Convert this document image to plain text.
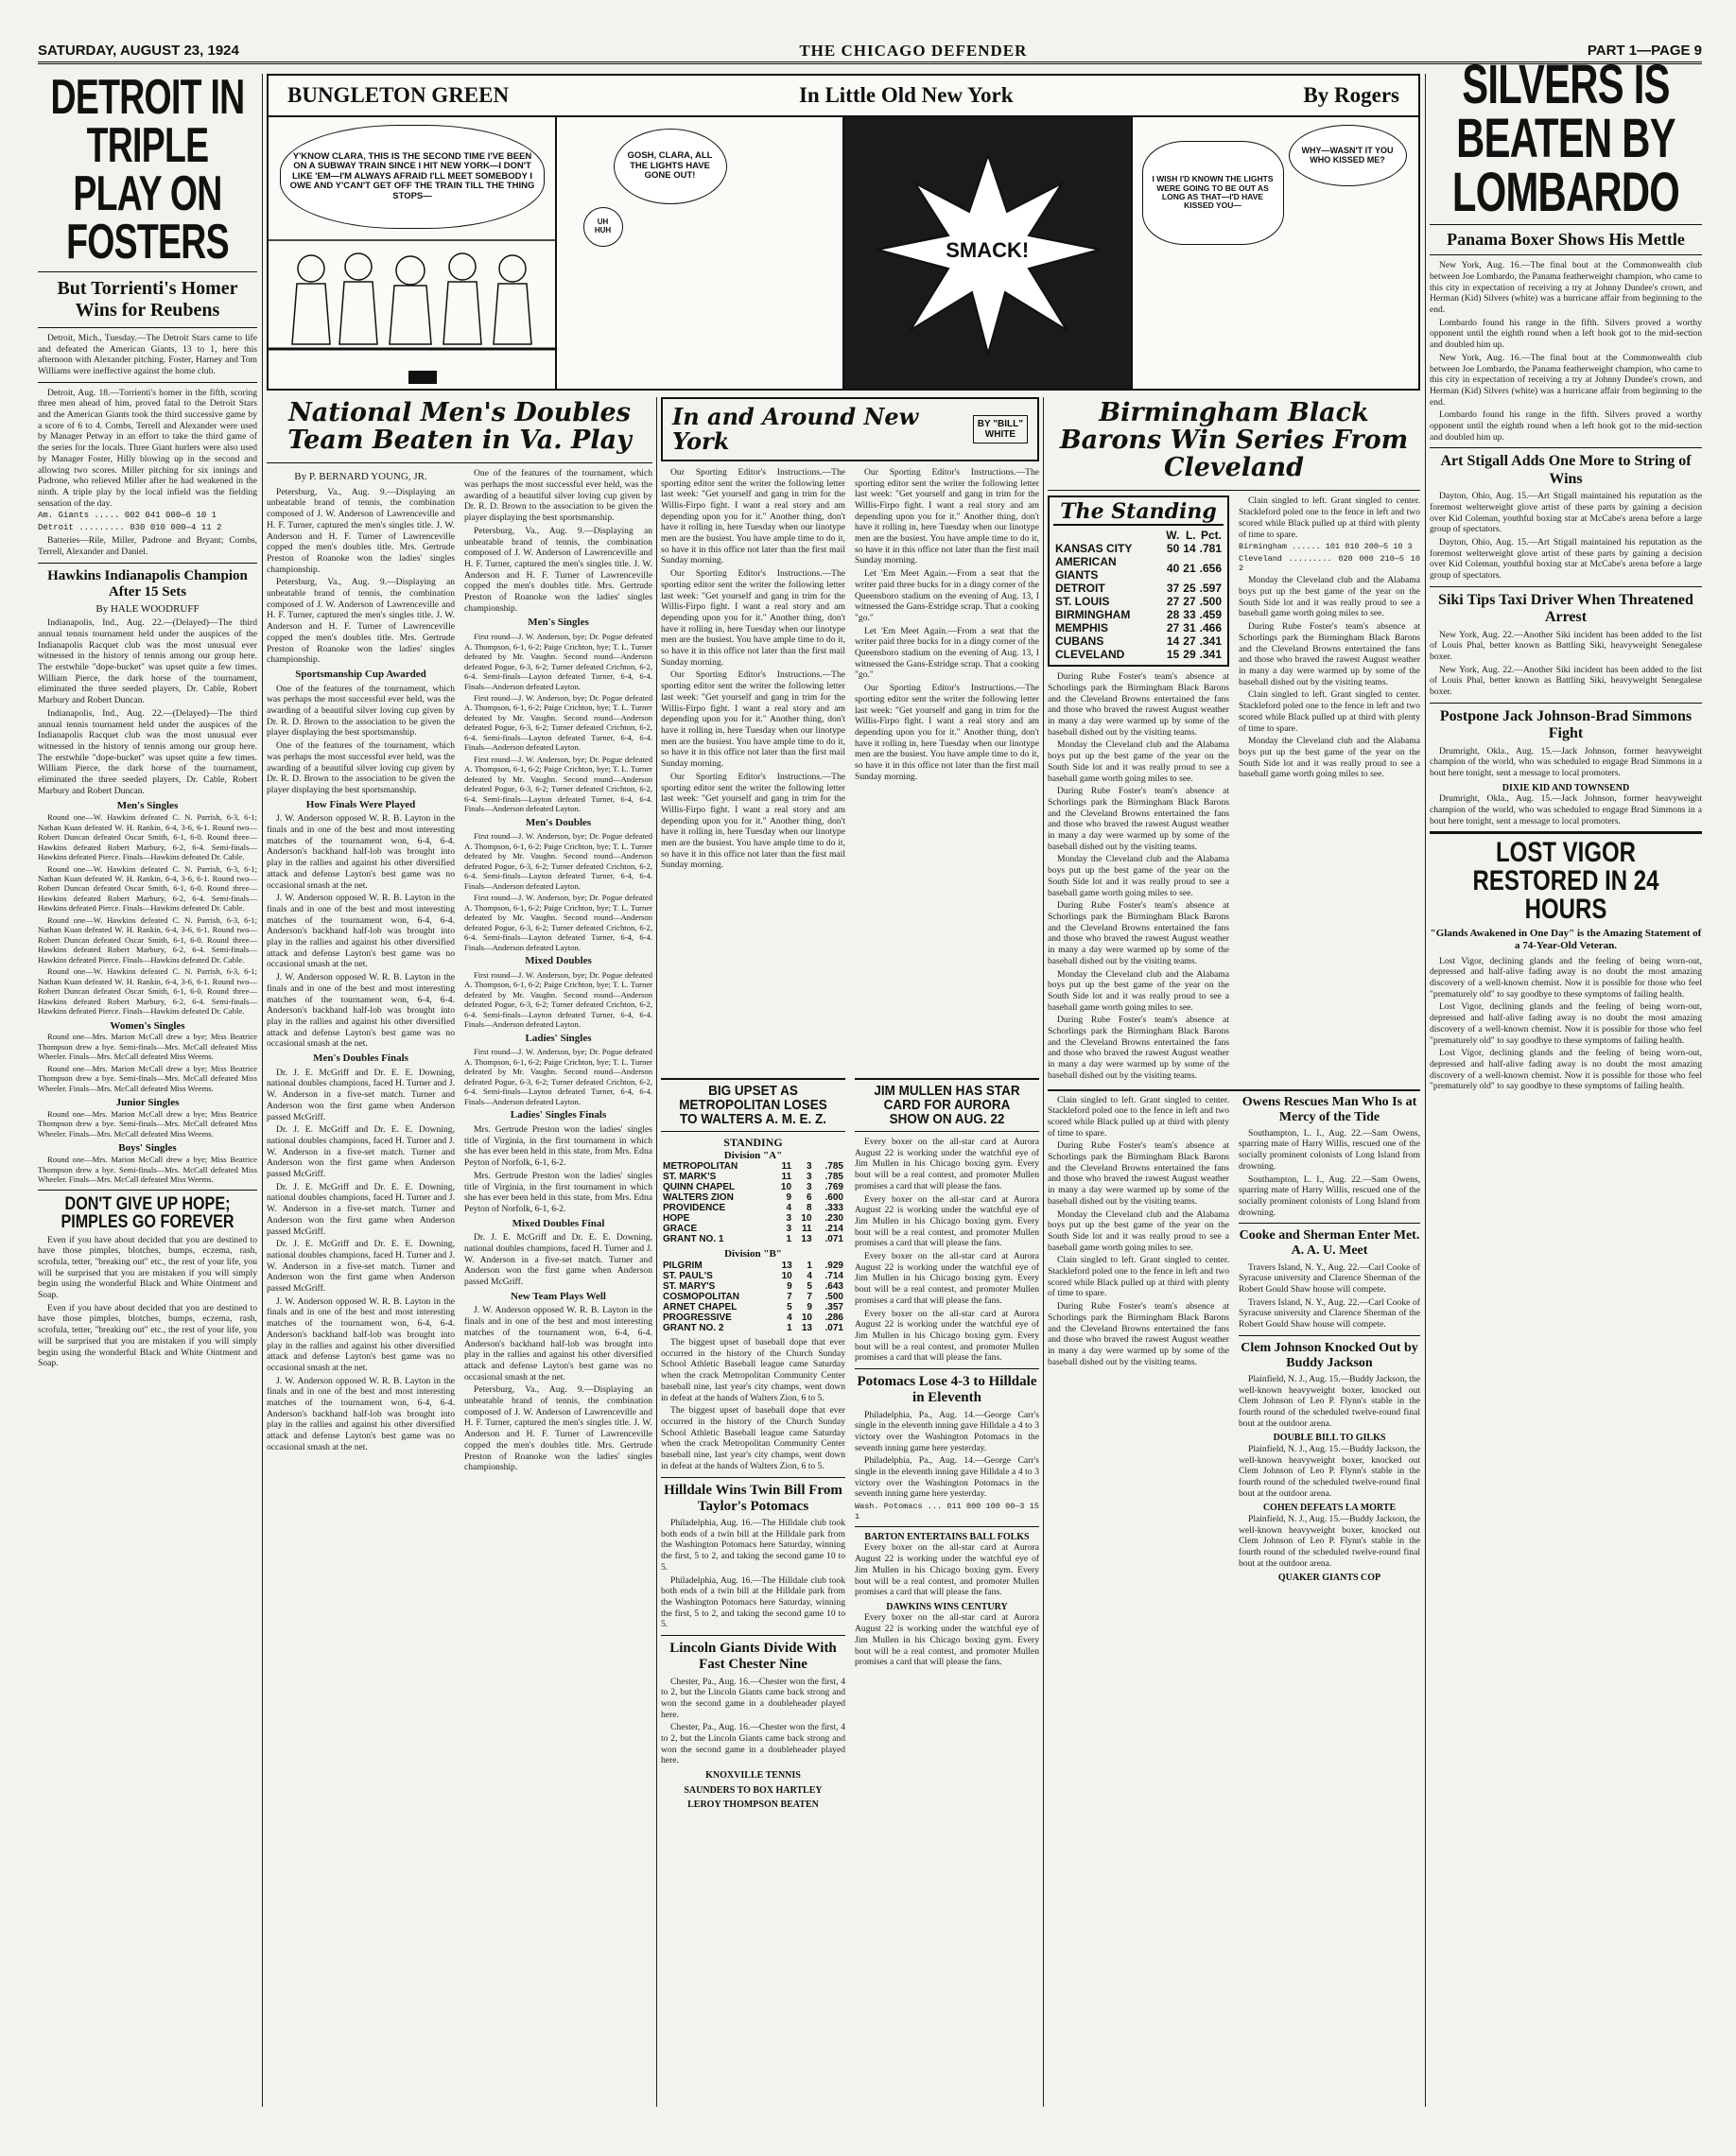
SATURDAY, AUGUST 23, 1924	THE CHICAGO DEFENDER	PART 1—PAGE 9
DETROIT IN TRIPLE PLAY ON FOSTERS
But Torrienti's Homer Wins for Reubens

Detroit, Mich., Tuesday.—The Detroit Stars came to life and defeated the American Giants, 13 to 1, here this afternoon with Alexander pitching. Foster, Harney and Tom Williams were ineffective against the home club.

Detroit, Aug. 18.—Torrienti's homer in the fifth, scoring three men ahead of him, proved fatal to the Detroit Stars and the American Giants took the third successive game by a score of 6 to 4. Combs, Terrell and Alexander were used by Manager Petway in an effort to take the third game of the series for the locals. Three Giant hurlers were also used by Manager Foster, Hilly blowing up in the second and allowing two scores. Miller pitching for six innings and Padrone, who relieved Miller after he had weakened in the ninth. A triple play by the local infield was the fielding sensation of the day.

Am. Giants ..... 002 041 000—6 10 1

Detroit ......... 030 010 000—4 11 2

Batteries—Rile, Miller, Padrone and Bryant; Combs, Terrell, Alexander and Daniel.

Hawkins Indianapolis Champion After 15 Sets
By HALE WOODRUFF

Indianapolis, Ind., Aug. 22.—(Delayed)—The third annual tennis tournament held under the auspices of the Indianapolis Racquet club was the most unusual ever witnessed in the history of tennis among our group here. The erstwhile "dope-bucket" was upset quite a few times. William Pierce, the dark horse of the tournament, eliminated the three seeded players, Dr. Cable, Robert Marbury and Robert Duncan.

Indianapolis, Ind., Aug. 22.—(Delayed)—The third annual tennis tournament held under the auspices of the Indianapolis Racquet club was the most unusual ever witnessed in the history of tennis among our group here. The erstwhile "dope-bucket" was upset quite a few times. William Pierce, the dark horse of the tournament, eliminated the three seeded players, Dr. Cable, Robert Marbury and Robert Duncan.

Men's Singles

Round one—W. Hawkins defeated C. N. Parrish, 6-3, 6-1; Nathan Kuan defeated W. H. Rankin, 6-4, 3-6, 6-1. Round two—Robert Duncan defeated Oscar Smith, 6-1, 6-0. Round three—Hawkins defeated Robert Marbury, 6-2, 6-4. Semi-finals—Hawkins defeated Pierce. Finals—Hawkins defeated Dr. Cable.

Round one—W. Hawkins defeated C. N. Parrish, 6-3, 6-1; Nathan Kuan defeated W. H. Rankin, 6-4, 3-6, 6-1. Round two—Robert Duncan defeated Oscar Smith, 6-1, 6-0. Round three—Hawkins defeated Robert Marbury, 6-2, 6-4. Semi-finals—Hawkins defeated Pierce. Finals—Hawkins defeated Dr. Cable.

Round one—W. Hawkins defeated C. N. Parrish, 6-3, 6-1; Nathan Kuan defeated W. H. Rankin, 6-4, 3-6, 6-1. Round two—Robert Duncan defeated Oscar Smith, 6-1, 6-0. Round three—Hawkins defeated Robert Marbury, 6-2, 6-4. Semi-finals—Hawkins defeated Pierce. Finals—Hawkins defeated Dr. Cable.

Round one—W. Hawkins defeated C. N. Parrish, 6-3, 6-1; Nathan Kuan defeated W. H. Rankin, 6-4, 3-6, 6-1. Round two—Robert Duncan defeated Oscar Smith, 6-1, 6-0. Round three—Hawkins defeated Robert Marbury, 6-2, 6-4. Semi-finals—Hawkins defeated Pierce. Finals—Hawkins defeated Dr. Cable.

Women's Singles

Round one—Mrs. Marion McCall drew a bye; Miss Beatrice Thompson drew a bye. Semi-finals—Mrs. McCall defeated Miss Wheeler. Finals—Mrs. McCall defeated Miss Weems.

Round one—Mrs. Marion McCall drew a bye; Miss Beatrice Thompson drew a bye. Semi-finals—Mrs. McCall defeated Miss Wheeler. Finals—Mrs. McCall defeated Miss Weems.

Junior Singles

Round one—Mrs. Marion McCall drew a bye; Miss Beatrice Thompson drew a bye. Semi-finals—Mrs. McCall defeated Miss Wheeler. Finals—Mrs. McCall defeated Miss Weems.

Boys' Singles

Round one—Mrs. Marion McCall drew a bye; Miss Beatrice Thompson drew a bye. Semi-finals—Mrs. McCall defeated Miss Wheeler. Finals—Mrs. McCall defeated Miss Weems.

DON'T GIVE UP HOPE; PIMPLES GO FOREVER

Even if you have about decided that you are destined to have those pimples, blotches, bumps, eczema, rash, scrofula, tetter, "breaking out" etc., the rest of your life, you will be surprised that you are mistaken if you will simply begin using the wonderful Black and White Ointment and Soap.

Even if you have about decided that you are destined to have those pimples, blotches, bumps, eczema, rash, scrofula, tetter, "breaking out" etc., the rest of your life, you will be surprised that you are mistaken if you will simply begin using the wonderful Black and White Ointment and Soap.

BUNGLETON GREEN	In Little Old New York	By Rogers
Y'KNOW CLARA, THIS IS THE SECOND TIME I'VE BEEN ON A SUBWAY TRAIN SINCE I HIT NEW YORK—I DON'T LIKE 'EM—I'M ALWAYS AFRAID I'LL MEET SOMEBODY I OWE AND Y'CAN'T GET OFF THE TRAIN TILL THE THING STOPS—
GOSH, CLARA, ALL THE LIGHTS HAVE GONE OUT!
UH HUH
SMACK!
I WISH I'D KNOWN THE LIGHTS WERE GOING TO BE OUT AS LONG AS THAT—I'D HAVE KISSED YOU—
WHY—WASN'T IT YOU WHO KISSED ME?
National Men's Doubles Team Beaten in Va. Play
By P. BERNARD YOUNG, JR.

Petersburg, Va., Aug. 9.—Displaying an unbeatable brand of tennis, the combination composed of J. W. Anderson of Lawrenceville and H. F. Turner, captured the men's singles title. J. W. Anderson and H. F. Turner of Lawrenceville copped the men's doubles title. Mrs. Gertrude Preston of Roanoke won the ladies' singles championship.

Petersburg, Va., Aug. 9.—Displaying an unbeatable brand of tennis, the combination composed of J. W. Anderson of Lawrenceville and H. F. Turner, captured the men's singles title. J. W. Anderson and H. F. Turner of Lawrenceville copped the men's doubles title. Mrs. Gertrude Preston of Roanoke won the ladies' singles championship.

Sportsmanship Cup Awarded

One of the features of the tournament, which was perhaps the most successful ever held, was the awarding of a beautiful silver loving cup given by Dr. R. D. Brown to the association to be given the player displaying the best sportsmanship.

One of the features of the tournament, which was perhaps the most successful ever held, was the awarding of a beautiful silver loving cup given by Dr. R. D. Brown to the association to be given the player displaying the best sportsmanship.

How Finals Were Played

J. W. Anderson opposed W. R. B. Layton in the finals and in one of the best and most interesting matches of the tournament won, 6-4, 6-4. Anderson's backhand half-lob was brought into play in the rallies and against his other diversified attack and defense Layton's best game was no occasional smash at the net.

J. W. Anderson opposed W. R. B. Layton in the finals and in one of the best and most interesting matches of the tournament won, 6-4, 6-4. Anderson's backhand half-lob was brought into play in the rallies and against his other diversified attack and defense Layton's best game was no occasional smash at the net.

J. W. Anderson opposed W. R. B. Layton in the finals and in one of the best and most interesting matches of the tournament won, 6-4, 6-4. Anderson's backhand half-lob was brought into play in the rallies and against his other diversified attack and defense Layton's best game was no occasional smash at the net.

Men's Doubles Finals

Dr. J. E. McGriff and Dr. E. E. Downing, national doubles champions, faced H. Turner and J. W. Anderson in a five-set match. Turner and Anderson won the first game when Anderson passed McGriff.

Dr. J. E. McGriff and Dr. E. E. Downing, national doubles champions, faced H. Turner and J. W. Anderson in a five-set match. Turner and Anderson won the first game when Anderson passed McGriff.

Dr. J. E. McGriff and Dr. E. E. Downing, national doubles champions, faced H. Turner and J. W. Anderson in a five-set match. Turner and Anderson won the first game when Anderson passed McGriff.

Dr. J. E. McGriff and Dr. E. E. Downing, national doubles champions, faced H. Turner and J. W. Anderson in a five-set match. Turner and Anderson won the first game when Anderson passed McGriff.

J. W. Anderson opposed W. R. B. Layton in the finals and in one of the best and most interesting matches of the tournament won, 6-4, 6-4. Anderson's backhand half-lob was brought into play in the rallies and against his other diversified attack and defense Layton's best game was no occasional smash at the net.

J. W. Anderson opposed W. R. B. Layton in the finals and in one of the best and most interesting matches of the tournament won, 6-4, 6-4. Anderson's backhand half-lob was brought into play in the rallies and against his other diversified attack and defense Layton's best game was no occasional smash at the net.

One of the features of the tournament, which was perhaps the most successful ever held, was the awarding of a beautiful silver loving cup given by Dr. R. D. Brown to the association to be given the player displaying the best sportsmanship.

Petersburg, Va., Aug. 9.—Displaying an unbeatable brand of tennis, the combination composed of J. W. Anderson of Lawrenceville and H. F. Turner, captured the men's singles title. J. W. Anderson and H. F. Turner of Lawrenceville copped the men's doubles title. Mrs. Gertrude Preston of Roanoke won the ladies' singles championship.

Men's Singles

First round—J. W. Anderson, bye; Dr. Pogue defeated A. Thompson, 6-1, 6-2; Paige Crichton, bye; T. L. Turner defeated by Mr. Vaughn. Second round—Anderson defeated Pogue, 6-3, 6-2; Turner defeated Crichton, 6-2, 6-4. Semi-finals—Layton defeated Turner, 6-4, 6-4. Finals—Anderson defeated Layton.

First round—J. W. Anderson, bye; Dr. Pogue defeated A. Thompson, 6-1, 6-2; Paige Crichton, bye; T. L. Turner defeated by Mr. Vaughn. Second round—Anderson defeated Pogue, 6-3, 6-2; Turner defeated Crichton, 6-2, 6-4. Semi-finals—Layton defeated Turner, 6-4, 6-4. Finals—Anderson defeated Layton.

First round—J. W. Anderson, bye; Dr. Pogue defeated A. Thompson, 6-1, 6-2; Paige Crichton, bye; T. L. Turner defeated by Mr. Vaughn. Second round—Anderson defeated Pogue, 6-3, 6-2; Turner defeated Crichton, 6-2, 6-4. Semi-finals—Layton defeated Turner, 6-4, 6-4. Finals—Anderson defeated Layton.

Men's Doubles

First round—J. W. Anderson, bye; Dr. Pogue defeated A. Thompson, 6-1, 6-2; Paige Crichton, bye; T. L. Turner defeated by Mr. Vaughn. Second round—Anderson defeated Pogue, 6-3, 6-2; Turner defeated Crichton, 6-2, 6-4. Semi-finals—Layton defeated Turner, 6-4, 6-4. Finals—Anderson defeated Layton.

First round—J. W. Anderson, bye; Dr. Pogue defeated A. Thompson, 6-1, 6-2; Paige Crichton, bye; T. L. Turner defeated by Mr. Vaughn. Second round—Anderson defeated Pogue, 6-3, 6-2; Turner defeated Crichton, 6-2, 6-4. Semi-finals—Layton defeated Turner, 6-4, 6-4. Finals—Anderson defeated Layton.

Mixed Doubles

First round—J. W. Anderson, bye; Dr. Pogue defeated A. Thompson, 6-1, 6-2; Paige Crichton, bye; T. L. Turner defeated by Mr. Vaughn. Second round—Anderson defeated Pogue, 6-3, 6-2; Turner defeated Crichton, 6-2, 6-4. Semi-finals—Layton defeated Turner, 6-4, 6-4. Finals—Anderson defeated Layton.

Ladies' Singles

First round—J. W. Anderson, bye; Dr. Pogue defeated A. Thompson, 6-1, 6-2; Paige Crichton, bye; T. L. Turner defeated by Mr. Vaughn. Second round—Anderson defeated Pogue, 6-3, 6-2; Turner defeated Crichton, 6-2, 6-4. Semi-finals—Layton defeated Turner, 6-4, 6-4. Finals—Anderson defeated Layton.

Ladies' Singles Finals

Mrs. Gertrude Preston won the ladies' singles title of Virginia, in the first tournament in which she has ever been held in this state, from Mrs. Edna Peyton of Norfolk, 6-1, 6-2.

Mrs. Gertrude Preston won the ladies' singles title of Virginia, in the first tournament in which she has ever been held in this state, from Mrs. Edna Peyton of Norfolk, 6-1, 6-2.

Mixed Doubles Final

Dr. J. E. McGriff and Dr. E. E. Downing, national doubles champions, faced H. Turner and J. W. Anderson in a five-set match. Turner and Anderson won the first game when Anderson passed McGriff.

New Team Plays Well

J. W. Anderson opposed W. R. B. Layton in the finals and in one of the best and most interesting matches of the tournament won, 6-4, 6-4. Anderson's backhand half-lob was brought into play in the rallies and against his other diversified attack and defense Layton's best game was no occasional smash at the net.

Petersburg, Va., Aug. 9.—Displaying an unbeatable brand of tennis, the combination composed of J. W. Anderson of Lawrenceville and H. F. Turner, captured the men's singles title. J. W. Anderson and H. F. Turner of Lawrenceville copped the men's doubles title. Mrs. Gertrude Preston of Roanoke won the ladies' singles championship.

In and Around New York
BY "BILL" WHITE

Our Sporting Editor's Instructions.—The sporting editor sent the writer the following letter last week: "Get yourself and gang in trim for the Willis-Firpo fight. I want a real story and am depending upon you for it." Another thing, don't have it rolling in, here Tuesday when our linotype men are the busiest. You have ample time to do it, so have it in this office not later than the first mail Sunday morning.

Our Sporting Editor's Instructions.—The sporting editor sent the writer the following letter last week: "Get yourself and gang in trim for the Willis-Firpo fight. I want a real story and am depending upon you for it." Another thing, don't have it rolling in, here Tuesday when our linotype men are the busiest. You have ample time to do it, so have it in this office not later than the first mail Sunday morning.

Our Sporting Editor's Instructions.—The sporting editor sent the writer the following letter last week: "Get yourself and gang in trim for the Willis-Firpo fight. I want a real story and am depending upon you for it." Another thing, don't have it rolling in, here Tuesday when our linotype men are the busiest. You have ample time to do it, so have it in this office not later than the first mail Sunday morning.

Our Sporting Editor's Instructions.—The sporting editor sent the writer the following letter last week: "Get yourself and gang in trim for the Willis-Firpo fight. I want a real story and am depending upon you for it." Another thing, don't have it rolling in, here Tuesday when our linotype men are the busiest. You have ample time to do it, so have it in this office not later than the first mail Sunday morning.

Our Sporting Editor's Instructions.—The sporting editor sent the writer the following letter last week: "Get yourself and gang in trim for the Willis-Firpo fight. I want a real story and am depending upon you for it." Another thing, don't have it rolling in, here Tuesday when our linotype men are the busiest. You have ample time to do it, so have it in this office not later than the first mail Sunday morning.

Let 'Em Meet Again.—From a seat that the writer paid three bucks for in a dingy corner of the Queensboro stadium on the evening of Aug. 13, I witnessed the Gans-Estridge scrap. That a cooking "go."

Let 'Em Meet Again.—From a seat that the writer paid three bucks for in a dingy corner of the Queensboro stadium on the evening of Aug. 13, I witnessed the Gans-Estridge scrap. That a cooking "go."

Our Sporting Editor's Instructions.—The sporting editor sent the writer the following letter last week: "Get yourself and gang in trim for the Willis-Firpo fight. I want a real story and am depending upon you for it." Another thing, don't have it rolling in, here Tuesday when our linotype men are the busiest. You have ample time to do it, so have it in this office not later than the first mail Sunday morning.

BIG UPSET AS METROPOLITAN LOSES TO WALTERS A. M. E. Z.
STANDING
Division "A"
METROPOLITAN	11	3	.785
ST. MARK'S	11	3	.785
QUINN CHAPEL	10	3	.769
WALTERS ZION	9	6	.600
PROVIDENCE	4	8	.333
HOPE	3	10	.230
GRACE	3	11	.214
GRANT NO. 1	1	13	.071
Division "B"
PILGRIM	13	1	.929
ST. PAUL'S	10	4	.714
ST. MARY'S	9	5	.643
COSMOPOLITAN	7	7	.500
ARNET CHAPEL	5	9	.357
PROGRESSIVE	4	10	.286
GRANT NO. 2	1	13	.071

The biggest upset of baseball dope that ever occurred in the history of the Church Sunday School Athletic Baseball league came Saturday when the crack Metropolitan Community Center baseball nine, last year's city champs, went down in defeat at the hands of Walters Zion, 6 to 5.

The biggest upset of baseball dope that ever occurred in the history of the Church Sunday School Athletic Baseball league came Saturday when the crack Metropolitan Community Center baseball nine, last year's city champs, went down in defeat at the hands of Walters Zion, 6 to 5.

Hilldale Wins Twin Bill From Taylor's Potomacs

Philadelphia, Aug. 16.—The Hilldale club took both ends of a twin bill at the Hilldale park from the Washington Potomacs here Saturday, winning the first, 5 to 2, and taking the second game 10 to 5.

Philadelphia, Aug. 16.—The Hilldale club took both ends of a twin bill at the Hilldale park from the Washington Potomacs here Saturday, winning the first, 5 to 2, and taking the second game 10 to 5.

Lincoln Giants Divide With Fast Chester Nine

Chester, Pa., Aug. 16.—Chester won the first, 4 to 2, but the Lincoln Giants came back strong and won the second game in a doubleheader played here.

Chester, Pa., Aug. 16.—Chester won the first, 4 to 2, but the Lincoln Giants came back strong and won the second game in a doubleheader played here.

KNOXVILLE TENNIS
SAUNDERS TO BOX HARTLEY
LEROY THOMPSON BEATEN
JIM MULLEN HAS STAR CARD FOR AURORA SHOW ON AUG. 22

Every boxer on the all-star card at Aurora August 22 is working under the watchful eye of Jim Mullen in his Chicago boxing gym. Every bout will be a real contest, and promoter Mullen promises a card that will please the fans.

Every boxer on the all-star card at Aurora August 22 is working under the watchful eye of Jim Mullen in his Chicago boxing gym. Every bout will be a real contest, and promoter Mullen promises a card that will please the fans.

Every boxer on the all-star card at Aurora August 22 is working under the watchful eye of Jim Mullen in his Chicago boxing gym. Every bout will be a real contest, and promoter Mullen promises a card that will please the fans.

Every boxer on the all-star card at Aurora August 22 is working under the watchful eye of Jim Mullen in his Chicago boxing gym. Every bout will be a real contest, and promoter Mullen promises a card that will please the fans.

Potomacs Lose 4-3 to Hilldale in Eleventh

Philadelphia, Pa., Aug. 14.—George Carr's single in the eleventh inning gave Hilldale a 4 to 3 victory over the Washington Potomacs in the seventh inning game here yesterday.

Philadelphia, Pa., Aug. 14.—George Carr's single in the eleventh inning gave Hilldale a 4 to 3 victory over the Washington Potomacs in the seventh inning game here yesterday.

Wash. Potomacs ... 011 000 100 00—3 15 1

BARTON ENTERTAINS BALL FOLKS

Every boxer on the all-star card at Aurora August 22 is working under the watchful eye of Jim Mullen in his Chicago boxing gym. Every bout will be a real contest, and promoter Mullen promises a card that will please the fans.

DAWKINS WINS CENTURY

Every boxer on the all-star card at Aurora August 22 is working under the watchful eye of Jim Mullen in his Chicago boxing gym. Every bout will be a real contest, and promoter Mullen promises a card that will please the fans.

Birmingham Black Barons Win Series From Cleveland
The Standing
	W.	L.	Pct.
KANSAS CITY	50	14	.781
AMERICAN GIANTS	40	21	.656
DETROIT	37	25	.597
ST. LOUIS	27	27	.500
BIRMINGHAM	28	33	.459
MEMPHIS	27	31	.466
CUBANS	14	27	.341
CLEVELAND	15	29	.341

During Rube Foster's team's absence at Schorlings park the Birmingham Black Barons and the Cleveland Browns entertained the fans and those who braved the rawest August weather in many a day were warmed up by some of the baseball dished out by the visiting teams.

Monday the Cleveland club and the Alabama boys put up the best game of the year on the South Side lot and it was really proud to see a baseball game worth going miles to see.

During Rube Foster's team's absence at Schorlings park the Birmingham Black Barons and the Cleveland Browns entertained the fans and those who braved the rawest August weather in many a day were warmed up by some of the baseball dished out by the visiting teams.

Monday the Cleveland club and the Alabama boys put up the best game of the year on the South Side lot and it was really proud to see a baseball game worth going miles to see.

During Rube Foster's team's absence at Schorlings park the Birmingham Black Barons and the Cleveland Browns entertained the fans and those who braved the rawest August weather in many a day were warmed up by some of the baseball dished out by the visiting teams.

Monday the Cleveland club and the Alabama boys put up the best game of the year on the South Side lot and it was really proud to see a baseball game worth going miles to see.

During Rube Foster's team's absence at Schorlings park the Birmingham Black Barons and the Cleveland Browns entertained the fans and those who braved the rawest August weather in many a day were warmed up by some of the baseball dished out by the visiting teams.

Clain singled to left. Grant singled to center. Stackleford poled one to the fence in left and two scored while Black pulled up at third with plenty of time to spare.

Birmingham ...... 101 010 200—5 10 3

Cleveland ......... 020 000 210—5 10 2

Monday the Cleveland club and the Alabama boys put up the best game of the year on the South Side lot and it was really proud to see a baseball game worth going miles to see.

During Rube Foster's team's absence at Schorlings park the Birmingham Black Barons and the Cleveland Browns entertained the fans and those who braved the rawest August weather in many a day were warmed up by some of the baseball dished out by the visiting teams.

Clain singled to left. Grant singled to center. Stackleford poled one to the fence in left and two scored while Black pulled up at third with plenty of time to spare.

Monday the Cleveland club and the Alabama boys put up the best game of the year on the South Side lot and it was really proud to see a baseball game worth going miles to see.

Clain singled to left. Grant singled to center. Stackleford poled one to the fence in left and two scored while Black pulled up at third with plenty of time to spare.

During Rube Foster's team's absence at Schorlings park the Birmingham Black Barons and the Cleveland Browns entertained the fans and those who braved the rawest August weather in many a day were warmed up by some of the baseball dished out by the visiting teams.

Monday the Cleveland club and the Alabama boys put up the best game of the year on the South Side lot and it was really proud to see a baseball game worth going miles to see.

Clain singled to left. Grant singled to center. Stackleford poled one to the fence in left and two scored while Black pulled up at third with plenty of time to spare.

During Rube Foster's team's absence at Schorlings park the Birmingham Black Barons and the Cleveland Browns entertained the fans and those who braved the rawest August weather in many a day were warmed up by some of the baseball dished out by the visiting teams.

Owens Rescues Man Who Is at Mercy of the Tide

Southampton, L. I., Aug. 22.—Sam Owens, sparring mate of Harry Willis, rescued one of the socially prominent colonists of Long Island from drowning.

Southampton, L. I., Aug. 22.—Sam Owens, sparring mate of Harry Willis, rescued one of the socially prominent colonists of Long Island from drowning.

Cooke and Sherman Enter Met. A. A. U. Meet

Travers Island, N. Y., Aug. 22.—Carl Cooke of Syracuse university and Clarence Sherman of the Robert Gould Shaw house will compete.

Travers Island, N. Y., Aug. 22.—Carl Cooke of Syracuse university and Clarence Sherman of the Robert Gould Shaw house will compete.

Clem Johnson Knocked Out by Buddy Jackson

Plainfield, N. J., Aug. 15.—Buddy Jackson, the well-known heavyweight boxer, knocked out Clem Johnson of Leo P. Flynn's stable in the fourth round of the scheduled twelve-round final bout at the outdoor arena.

DOUBLE BILL TO GILKS

Plainfield, N. J., Aug. 15.—Buddy Jackson, the well-known heavyweight boxer, knocked out Clem Johnson of Leo P. Flynn's stable in the fourth round of the scheduled twelve-round final bout at the outdoor arena.

COHEN DEFEATS LA MORTE

Plainfield, N. J., Aug. 15.—Buddy Jackson, the well-known heavyweight boxer, knocked out Clem Johnson of Leo P. Flynn's stable in the fourth round of the scheduled twelve-round final bout at the outdoor arena.

QUAKER GIANTS COP
SILVERS IS BEATEN BY LOMBARDO
Panama Boxer Shows His Mettle

New York, Aug. 16.—The final bout at the Commonwealth club between Joe Lombardo, the Panama featherweight champion, who came to this city in expectation of receiving a try at Johnny Dundee's crown, and Herman (Kid) Silvers (white) was a hurricane affair from beginning to the end.

Lombardo found his range in the fifth. Silvers proved a worthy opponent until the eighth round when a left hook got to the mid-section and doubled him up.

New York, Aug. 16.—The final bout at the Commonwealth club between Joe Lombardo, the Panama featherweight champion, who came to this city in expectation of receiving a try at Johnny Dundee's crown, and Herman (Kid) Silvers (white) was a hurricane affair from beginning to the end.

Lombardo found his range in the fifth. Silvers proved a worthy opponent until the eighth round when a left hook got to the mid-section and doubled him up.

Art Stigall Adds One More to String of Wins

Dayton, Ohio, Aug. 15.—Art Stigall maintained his reputation as the foremost welterweight glove artist of these parts by gaining a decision over Kid Coleman, youthful boxing star at McCabe's arena before a large group of spectators.

Dayton, Ohio, Aug. 15.—Art Stigall maintained his reputation as the foremost welterweight glove artist of these parts by gaining a decision over Kid Coleman, youthful boxing star at McCabe's arena before a large group of spectators.

Siki Tips Taxi Driver When Threatened Arrest

New York, Aug. 22.—Another Siki incident has been added to the list of Louis Phal, better known as Battling Siki, heavyweight Senegalese boxer.

New York, Aug. 22.—Another Siki incident has been added to the list of Louis Phal, better known as Battling Siki, heavyweight Senegalese boxer.

Postpone Jack Johnson-Brad Simmons Fight

Drumright, Okla., Aug. 15.—Jack Johnson, former heavyweight champion of the world, who was scheduled to engage Brad Simmons in a bout here tonight, sent a message to local promoters.

DIXIE KID AND TOWNSEND

Drumright, Okla., Aug. 15.—Jack Johnson, former heavyweight champion of the world, who was scheduled to engage Brad Simmons in a bout here tonight, sent a message to local promoters.

LOST VIGOR RESTORED IN 24 HOURS
"Glands Awakened in One Day" is the Amazing Statement of a 74-Year-Old Veteran.

Lost Vigor, declining glands and the feeling of being worn-out, depressed and half-alive fading away is no doubt the most amazing discovery of a well-known chemist. Now it is possible for those who feel "prematurely old" to say goodbye to these symptoms of failing health.

Lost Vigor, declining glands and the feeling of being worn-out, depressed and half-alive fading away is no doubt the most amazing discovery of a well-known chemist. Now it is possible for those who feel "prematurely old" to say goodbye to these symptoms of failing health.

Lost Vigor, declining glands and the feeling of being worn-out, depressed and half-alive fading away is no doubt the most amazing discovery of a well-known chemist. Now it is possible for those who feel "prematurely old" to say goodbye to these symptoms of failing health.
